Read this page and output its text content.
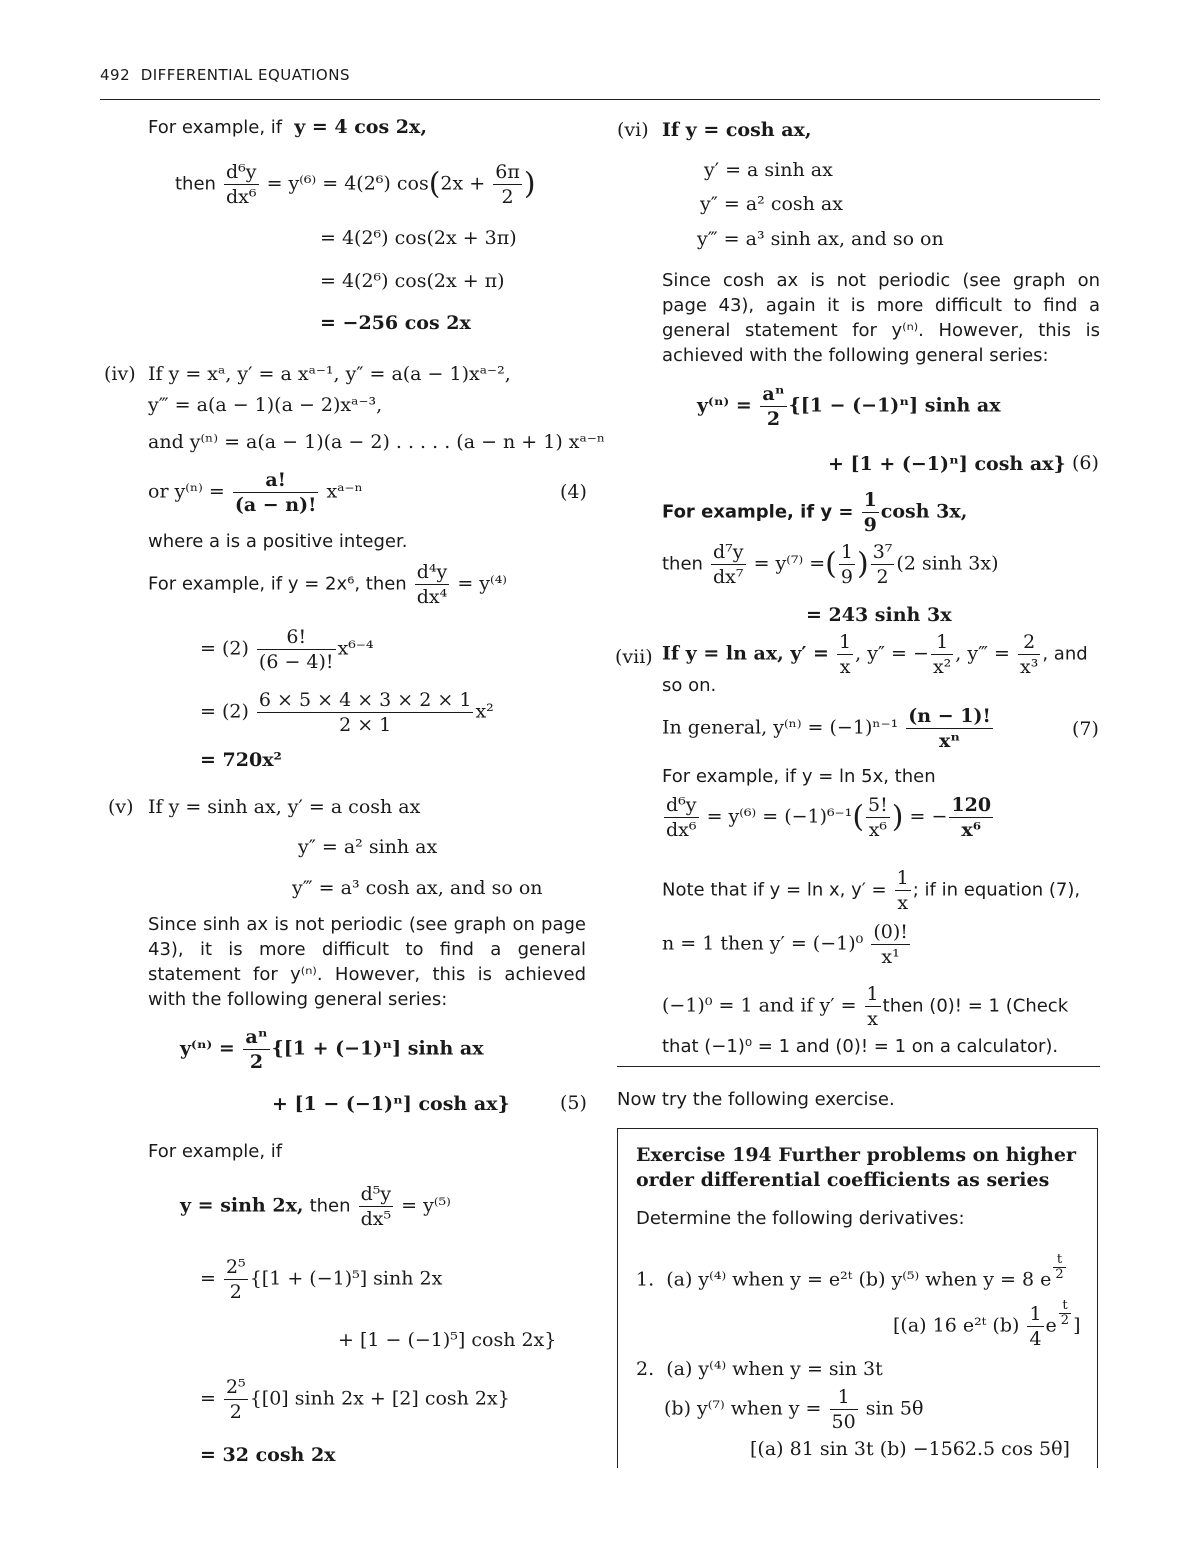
492 DIFFERENTIAL EQUATIONS
For example, if y = 4 cos 2x,
then $\frac{\text{d⁶y}}{\text{dx⁶}} = y^{(6)} = 4(2^6) \cos(2x + \frac{6\pi}{2}$ )
= 4(2⁶) cos(2x + 3π)
= 4(2⁶) cos(2x + π)
= −256 cos 2x
(iv) If y = xᵃ, y′ = a xᵃ⁻¹, y″ = a(a − 1)xᵃ⁻²,
y‴ = a(a − 1)(a − 2)xᵃ⁻³,
and y⁽ⁿ⁾ = a(a − 1)(a − 2) . . . . . (a − n + 1) xᵃ⁻ⁿ
or $y^{(n)} = \frac{a!}{(a - n)!}$ xᵃ⁻ⁿ	(4)
where a is a positive integer.
For example, if y = 2x⁶, then $\frac{\text{d⁴y}}{\text{dx⁴}} = y^{(4)}$
= $(2) \frac{6!}{(6 - 4)!} x^{6-4}$
= $(2) \frac{6 \times 5 \times 4 \times 3 \times 2 \times 1}{2 \times 1} x^2$
= 720x²
(v) If y = sinh ax, y′ = a cosh ax
y″ = a² sinh ax
y‴ = a³ cosh ax, and so on
Since sinh ax is not periodic (see graph on page 43), it is more difficult to find a general statement for y⁽ⁿ⁾. However, this is achieved with the following general series:
$y^{(n)} = \frac{\text{aⁿ}}{2} \{[1 + (-1)^n]$ sinh ax
+ [1 − (−1)ⁿ] cosh ax}	(5)
For example, if
y = sinh 2x, then $\frac{\text{d⁵y}}{\text{dx⁵}} = y^{(5)}$
= $\frac{\text{2⁵}}{2} \{[1 + (-1)^5]$ sinh 2x
+ [1 − (−1)⁵] cosh 2x}
= $\frac{\text{2⁵}}{2} \{[0]$ sinh 2x + [2] cosh 2x}
= 32 cosh 2x
(vi) If y = cosh ax,
y′ = a sinh ax
y″ = a² cosh ax
y‴ = a³ sinh ax, and so on
Since cosh ax is not periodic (see graph on page 43), again it is more difficult to find a general statement for y⁽ⁿ⁾. However, this is achieved with the following general series:
$y^{(n)} = \frac{\text{aⁿ}}{2} \{[1 - (-1)^n]$ sinh ax
+ [1 + (−1)ⁿ] cosh ax} (6)
For example, if $y = \frac{1}{9}$ cosh 3x,
then $\frac{\text{d⁷y}}{\text{dx⁷}} = y^{(7)}$ =( $\frac{1}{9}$ ) $\frac{\text{3⁷}}{2} (2$ sinh 3x)
= 243 sinh 3x
(vii) If y = ln ax, $y' = \frac{1}{x}$ , y″ = − $\frac{1}{\text{x²}}$ , y‴ = $\frac{2}{\text{x³}}$ , and
so on.
In general, $y^{(n)} = (-1)^{n-1} \frac{(n - 1)!}{\text{xⁿ}}$	(7)
For example, if y = ln 5x, then
$\frac{\text{d⁶y}}{\text{dx⁶}} = y^{(6)} = (-1)^{6-1}( \frac{5!}{\text{x⁶}}$ ) = − $\frac{120}{\text{x⁶}}$
Note that if y = ln x, $y' = \frac{1}{x}$ ; if in equation (7),
n = 1 then $y' = (-1)^0 \frac{(0)!}{\text{x¹}}$
(−1)⁰ = 1 and if $y' = \frac{1}{x}$ then (0)! = 1 (Check
that (−1)⁰ = 1 and (0)! = 1 on a calculator).
Now try the following exercise.
Exercise 194 Further problems on higher order differential coefficients as series
Determine the following derivatives:
1. (a) y⁽⁴⁾ when y = e²ᵗ (b) y⁽⁵⁾ when y = 8 e $\frac{t}{2}$
[(a) 16 e²ᵗ $(b) \frac{1}{4}$ e $\frac{t}{2}$ ]
2. (a) y⁽⁴⁾ when y = sin 3t
(b) y⁽⁷⁾ when $y = \frac{1}{50}$ sin 5θ
[(a) 81 sin 3t (b) −1562.5 cos 5θ]
